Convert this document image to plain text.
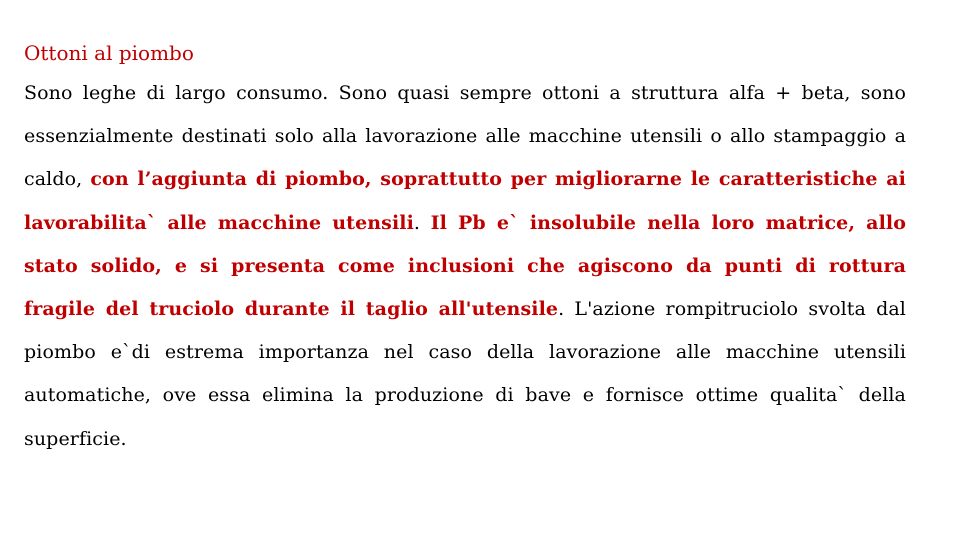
Ottoni al piombo

Sono leghe di largo consumo. Sono quasi sempre ottoni a struttura alfa + beta, sono essenzialmente destinati solo alla lavorazione alle macchine utensili o allo stampaggio a caldo, con l’aggiunta di piombo, soprattutto per migliorarne le caratteristiche ai lavorabilita` alle macchine utensili. Il Pb e` insolubile nella loro matrice, allo stato solido, e si presenta come inclusioni che agiscono da punti di rottura fragile del truciolo durante il taglio all'utensile. L'azione rompitruciolo svolta dal piombo e`di estrema importanza nel caso della lavorazione alle macchine utensili automatiche, ove essa elimina la produzione di bave e fornisce ottime qualita` della superficie.
